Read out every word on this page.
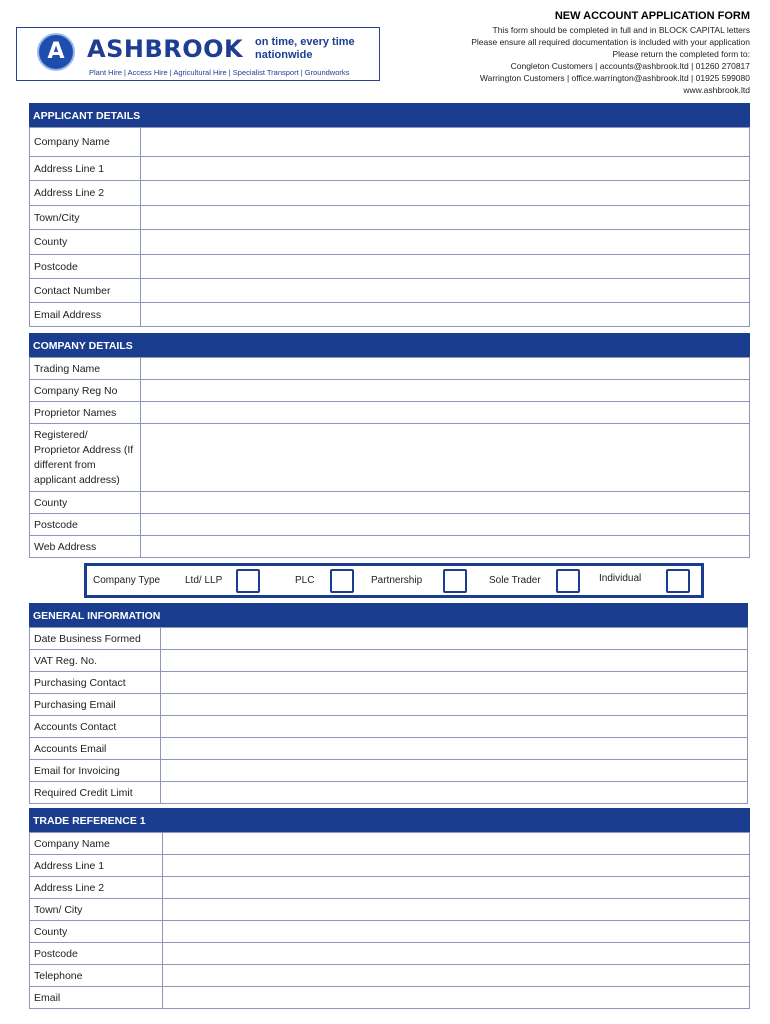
A ASHBROOK on time, every time nationwide
Plant Hire | Access Hire | Agricultural Hire | Specialist Transport | Groundworks
NEW ACCOUNT APPLICATION FORM
This form should be completed in full and in BLOCK CAPITAL letters
Please ensure all required documentation is included with your application
Please return the completed form to:
Congleton Customers | accounts@ashbrook.ltd | 01260 270817
Warrington Customers | office.warrington@ashbrook.ltd | 01925 599080
www.ashbrook.ltd
APPLICANT DETAILS
Company Name	
Address Line 1	
Address Line 2	
Town/City	
County	
Postcode	
Contact Number	
Email Address	
COMPANY DETAILS
Trading Name	
Company Reg No	
Proprietor Names	
Registered/ Proprietor Address (If different from applicant address)	
County	
Postcode	
Web Address	
Company Type Ltd/ LLP	PLC	Partnership	Sole Trader	Individual
GENERAL INFORMATION
Date Business Formed	
VAT Reg. No.	
Purchasing Contact	
Purchasing Email	
Accounts Contact	
Accounts Email	
Email for Invoicing	
Required Credit Limit	
TRADE REFERENCE 1
Company Name	
Address Line 1	
Address Line 2	
Town/ City	
County	
Postcode	
Telephone	
Email	
